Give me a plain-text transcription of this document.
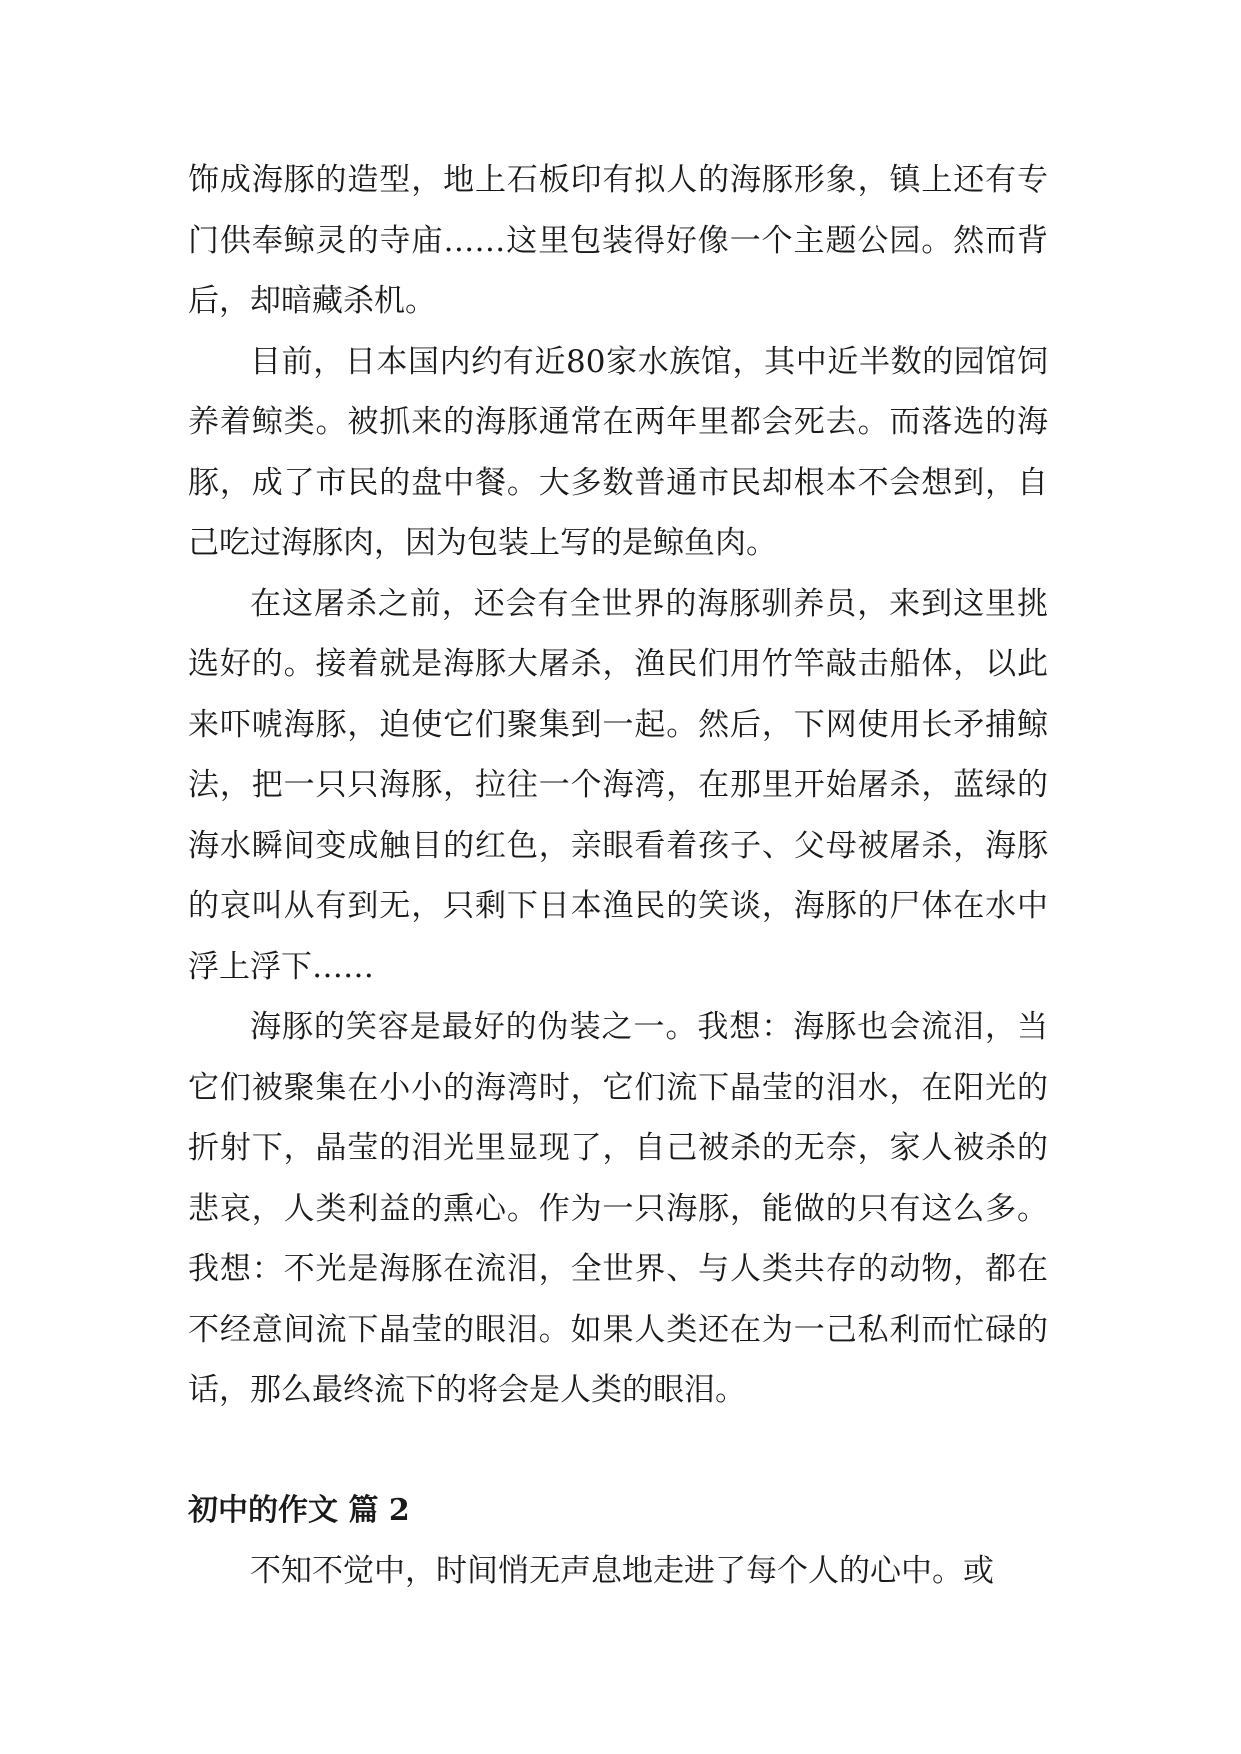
饰成海豚的造型，地上石板印有拟人的海豚形象，镇上还有专门供奉鲸灵的寺庙……这里包装得好像一个主题公园。然而背后，却暗藏杀机。

目前，日本国内约有近80家水族馆，其中近半数的园馆饲养着鲸类。被抓来的海豚通常在两年里都会死去。而落选的海豚，成了市民的盘中餐。大多数普通市民却根本不会想到，自己吃过海豚肉，因为包装上写的是鲸鱼肉。

在这屠杀之前，还会有全世界的海豚驯养员，来到这里挑选好的。接着就是海豚大屠杀，渔民们用竹竿敲击船体，以此来吓唬海豚，迫使它们聚集到一起。然后，下网使用长矛捕鲸法，把一只只海豚，拉往一个海湾，在那里开始屠杀，蓝绿的海水瞬间变成触目的红色，亲眼看着孩子、父母被屠杀，海豚的哀叫从有到无，只剩下日本渔民的笑谈，海豚的尸体在水中浮上浮下……

海豚的笑容是最好的伪装之一。我想：海豚也会流泪，当它们被聚集在小小的海湾时，它们流下晶莹的泪水，在阳光的折射下，晶莹的泪光里显现了，自己被杀的无奈，家人被杀的悲哀，人类利益的熏心。作为一只海豚，能做的只有这么多。我想：不光是海豚在流泪，全世界、与人类共存的动物，都在不经意间流下晶莹的眼泪。如果人类还在为一己私利而忙碌的话，那么最终流下的将会是人类的眼泪。

初中的作文 篇 2

不知不觉中，时间悄无声息地走进了每个人的心中。或
